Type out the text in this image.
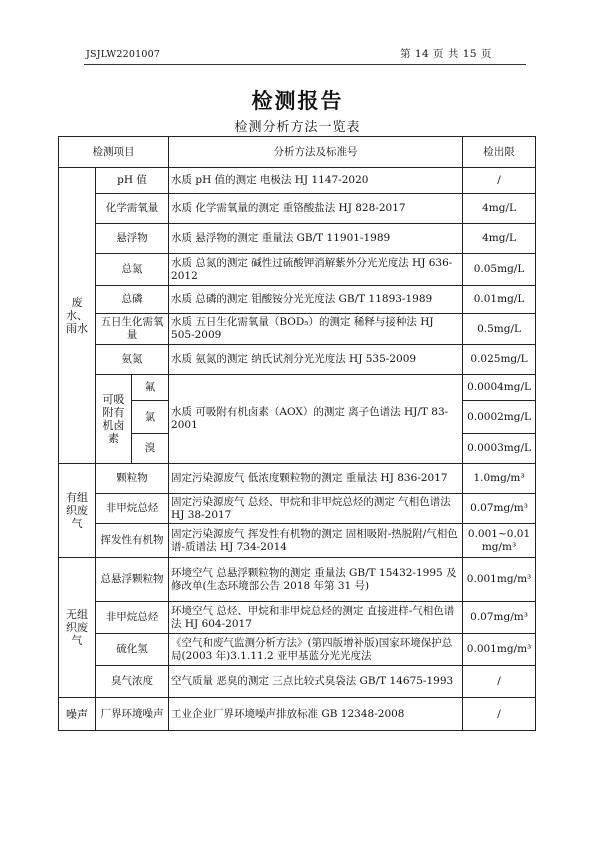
JSJLW2201007	第 14 页 共 15 页
检测报告
检测分析方法一览表
检测项目			分析方法及标准号	检出限
废水、雨水	pH 值		水质 pH 值的测定 电极法 HJ 1147-2020	/
	化学需氧量		水质 化学需氧量的测定 重铬酸盐法 HJ 828-2017	4mg/L
	悬浮物		水质 悬浮物的测定 重量法 GB/T 11901-1989	4mg/L
	总氮		水质 总氮的测定 碱性过硫酸钾消解紫外分光光度法 HJ 636-2012	0.05mg/L
	总磷		水质 总磷的测定 钼酸铵分光光度法 GB/T 11893-1989	0.01mg/L
	五日生化需氧量		水质 五日生化需氧量（BOD₅）的测定 稀释与接种法 HJ 505-2009	0.5mg/L
	氨氮		水质 氨氮的测定 纳氏试剂分光光度法 HJ 535-2009	0.025mg/L
	可吸附有机卤素	氟	水质 可吸附有机卤素（AOX）的测定 离子色谱法 HJ/T 83-2001	0.0004mg/L
		氯		0.0002mg/L
		溴		0.0003mg/L
有组织废气	颗粒物		固定污染源废气 低浓度颗粒物的测定 重量法 HJ 836-2017	1.0mg/m³
	非甲烷总烃		固定污染源废气 总烃、甲烷和非甲烷总烃的测定 气相色谱法 HJ 38-2017	0.07mg/m³
	挥发性有机物		固定污染源废气 挥发性有机物的测定 固相吸附-热脱附/气相色谱-质谱法 HJ 734-2014	0.001~0.01 mg/m³
无组织废气	总悬浮颗粒物		环境空气 总悬浮颗粒物的测定 重量法 GB/T 15432-1995 及修改单(生态环境部公告 2018 年第 31 号)	0.001mg/m³
	非甲烷总烃		环境空气 总烃、甲烷和非甲烷总烃的测定 直接进样-气相色谱法 HJ 604-2017	0.07mg/m³
	硫化氢		《空气和废气监测分析方法》(第四版增补版)国家环境保护总局(2003 年)3.1.11.2 亚甲基蓝分光光度法	0.001mg/m³
	臭气浓度		空气质量 恶臭的测定 三点比较式臭袋法 GB/T 14675-1993	/
噪声	厂界环境噪声		工业企业厂界环境噪声排放标准 GB 12348-2008	/
